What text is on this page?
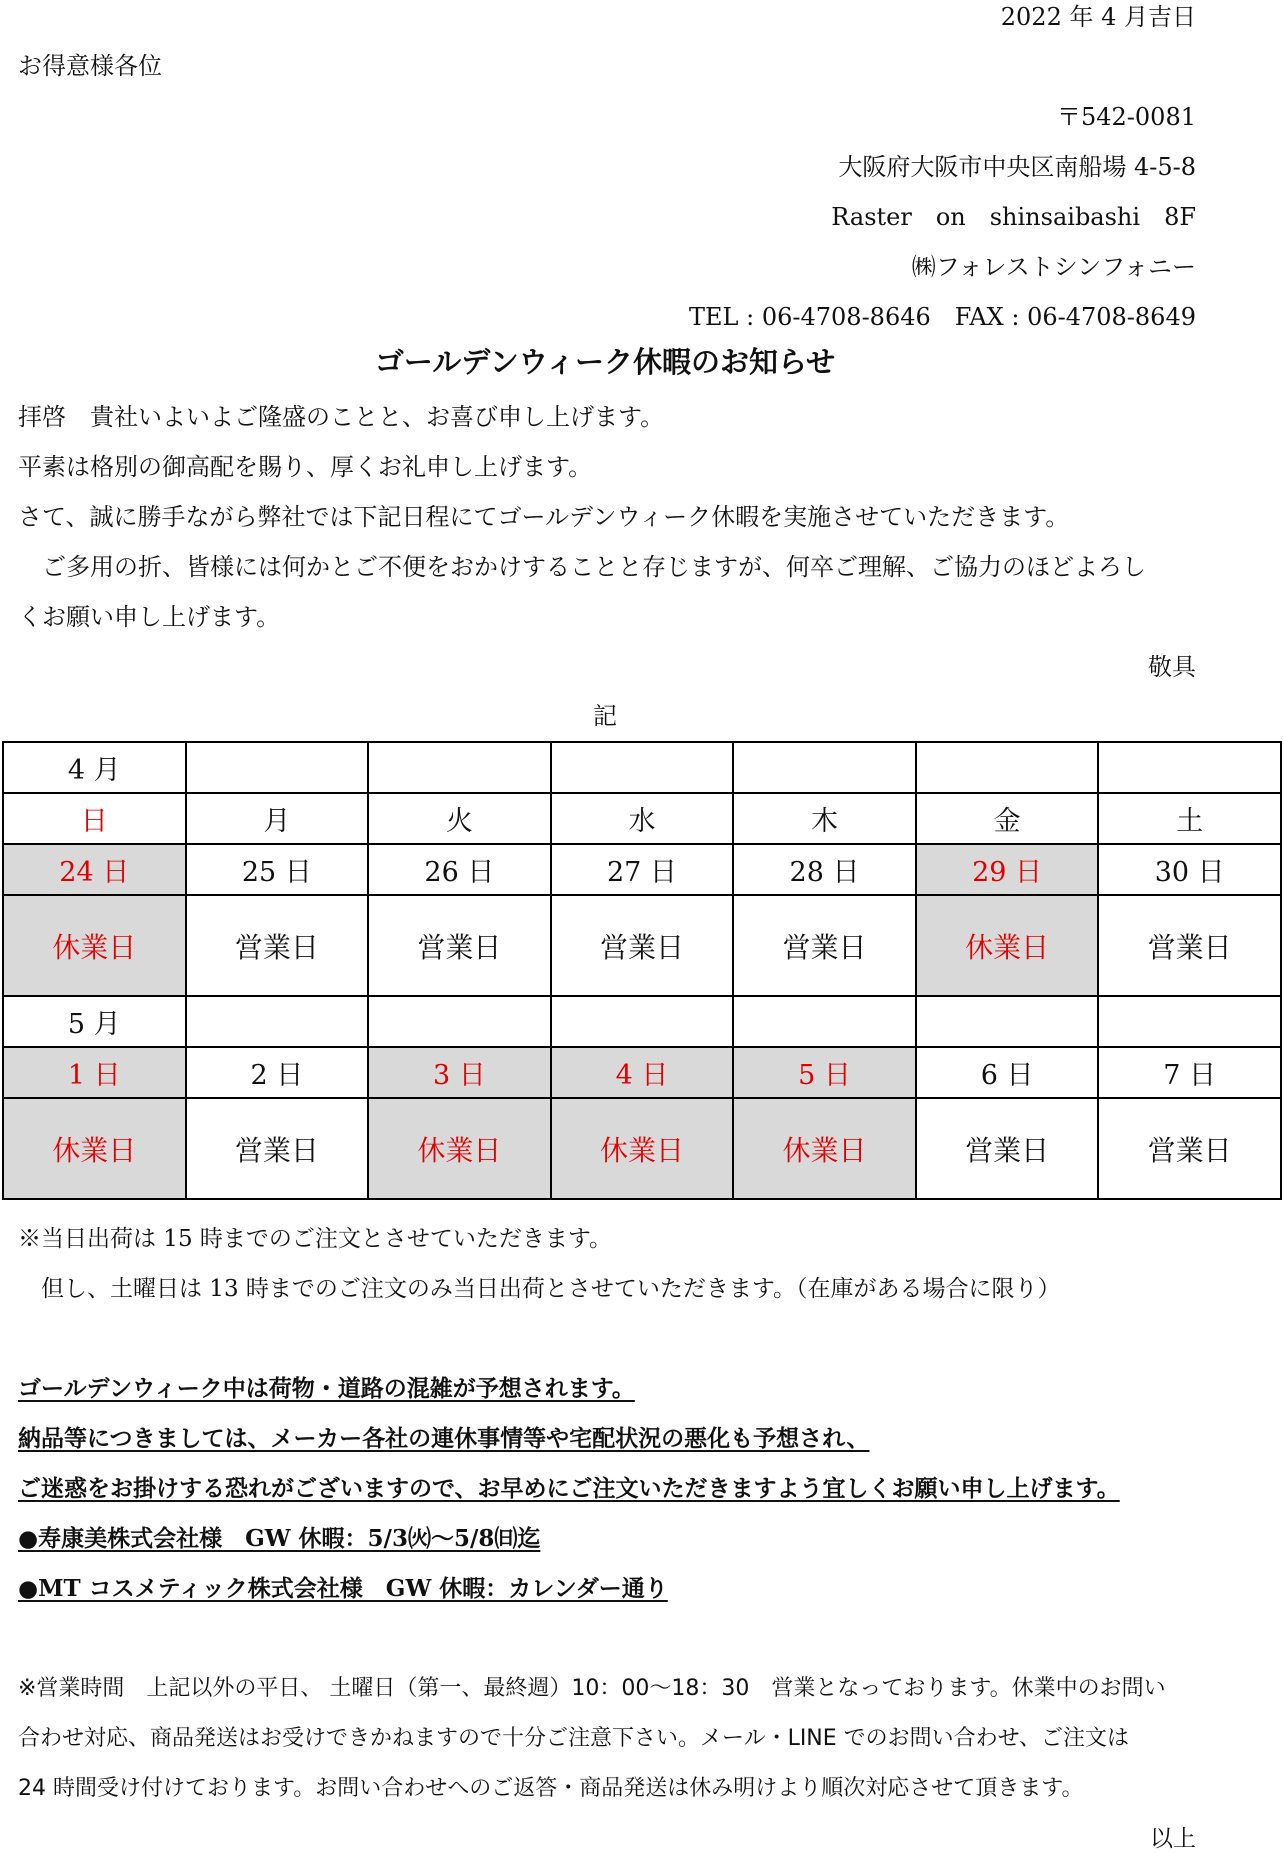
2022 年 4 月吉日
お得意様各位
〒542-0081
大阪府大阪市中央区南船場 4-5-8
Raster　on　shinsaibashi　8F
㈱フォレストシンフォニー
TEL : 06-4708-8646　FAX : 06-4708-8649
ゴールデンウィーク休暇のお知らせ
拝啓　貴社いよいよご隆盛のことと、お喜び申し上げます。
平素は格別の御高配を賜り、厚くお礼申し上げます。
さて、誠に勝手ながら弊社では下記日程にてゴールデンウィーク休暇を実施させていただきます。
　ご多用の折、皆様には何かとご不便をおかけすることと存じますが、何卒ご理解、ご協力のほどよろし
くお願い申し上げます。
敬具
記
4 月						
日	月	火	水	木	金	土
24 日	25 日	26 日	27 日	28 日	29 日	30 日
休業日	営業日	営業日	営業日	営業日	休業日	営業日
5 月						
1 日	2 日	3 日	4 日	5 日	6 日	7 日
休業日	営業日	休業日	休業日	休業日	営業日	営業日
※当日出荷は 15 時までのご注文とさせていただきます。
　但し、土曜日は 13 時までのご注文のみ当日出荷とさせていただきます。（在庫がある場合に限り）
ゴールデンウィーク中は荷物・道路の混雑が予想されます。
納品等につきましては、メーカー各社の連休事情等や宅配状況の悪化も予想され、
ご迷惑をお掛けする恐れがございますので、お早めにご注文いただきますよう宜しくお願い申し上げます。
●寿康美株式会社様　GW 休暇：5/3㈫～5/8㈰迄
●MT コスメティック株式会社様　GW 休暇：カレンダー通り
※営業時間　上記以外の平日、 土曜日（第一、最終週）10：00～18：30　営業となっております。休業中のお問い
合わせ対応、商品発送はお受けできかねますので十分ご注意下さい。メール・LINE でのお問い合わせ、ご注文は
24 時間受け付けております。お問い合わせへのご返答・商品発送は休み明けより順次対応させて頂きます。
以上
